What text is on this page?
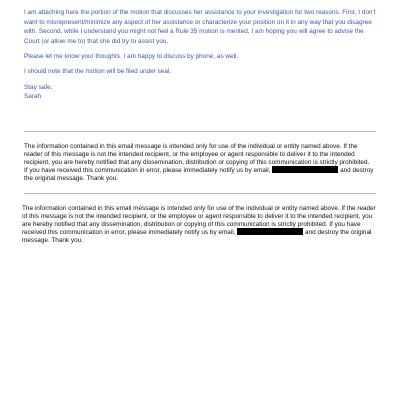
I am attaching here the portion of the motion that discusses her assistance to your investigation for two reasons. First, I don't want to misrepresent/minimize any aspect of her assistance or characterize your position on it in any way that you disagree with. Second, while I understand you might not feel a Rule 35 motion is merited, I am hoping you will agree to advise the Court (or allow me to) that she did try to assist you.

Please let me know your thoughts. I am happy to discuss by phone, as well.

I should note that the motion will be filed under seal.

Stay safe,

Sarah

The information contained in this email message is intended only for use of the individual or entity named above. If the reader of this message is not the intended recipient, or the employee or agent responsible to deliver it to the intended recipient, you are hereby notified that any dissemination, distribution or copying of this communication is strictly prohibited. If you have received this communication in error, please immediately notify us by email,	and destroy the original message. Thank you.
The information contained in this email message is intended only for use of the individual or entity named above. If the reader of this message is not the intended recipient, or the employee or agent responsible to deliver it to the intended recipient, you are hereby notified that any dissemination, distribution or copying of this communication is strictly prohibited. If you have received this communication in error, please immediately notify us by email,	and destroy the original message. Thank you.
